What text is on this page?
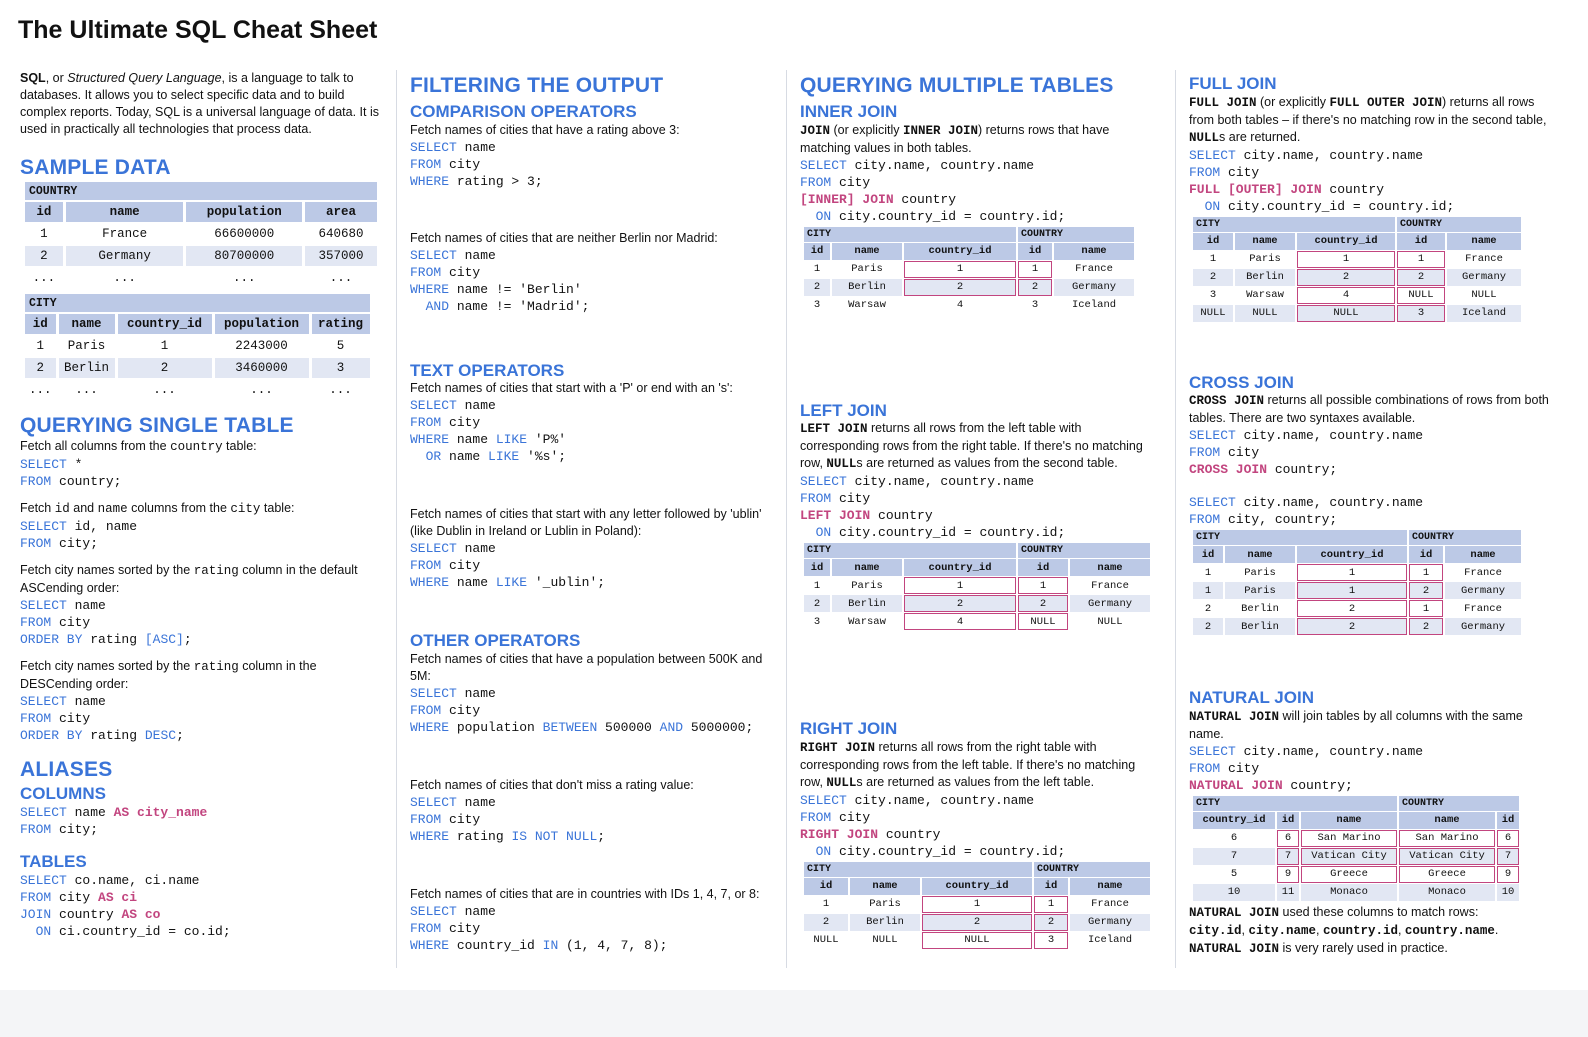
The Ultimate SQL Cheat Sheet
SQL, or Structured Query Language, is a language to talk to databases. It allows you to select specific data and to build complex reports. Today, SQL is a universal language of data. It is used in practically all technologies that process data.
SAMPLE DATA
COUNTRY			
id	name	population	area
1	France	66600000	640680
2	Germany	80700000	357000
...	...	...	...
CITY				
id	name	country_id	population	rating
1	Paris	1	2243000	5
2	Berlin	2	3460000	3
...	...	...	...	...
QUERYING SINGLE TABLE
Fetch all columns from the country table:
SELECT *
FROM country;
Fetch id and name columns from the city table:
SELECT id, name
FROM city;
Fetch city names sorted by the rating column in the default ASCending order:
SELECT name
FROM city
ORDER BY rating [ASC];
Fetch city names sorted by the rating column in the DESCending order:
SELECT name
FROM city
ORDER BY rating DESC;
ALIASES
COLUMNS
SELECT name AS city_name
FROM city;
TABLES
SELECT co.name, ci.name
FROM city AS ci
JOIN country AS co
ON ci.country_id = co.id;
FILTERING THE OUTPUT
COMPARISON OPERATORS
Fetch names of cities that have a rating above 3:
SELECT name
FROM city
WHERE rating > 3;
Fetch names of cities that are neither Berlin nor Madrid:
SELECT name
FROM city
WHERE name != 'Berlin'
AND name != 'Madrid';
TEXT OPERATORS
Fetch names of cities that start with a 'P' or end with an 's':
SELECT name
FROM city
WHERE name LIKE 'P%'
OR name LIKE '%s';
Fetch names of cities that start with any letter followed by 'ublin' (like Dublin in Ireland or Lublin in Poland):
SELECT name
FROM city
WHERE name LIKE '_ublin';
OTHER OPERATORS
Fetch names of cities that have a population between 500K and 5M:
SELECT name
FROM city
WHERE population BETWEEN 500000 AND 5000000;
Fetch names of cities that don't miss a rating value:
SELECT name
FROM city
WHERE rating IS NOT NULL;
Fetch names of cities that are in countries with IDs 1, 4, 7, or 8:
SELECT name
FROM city
WHERE country_id IN (1, 4, 7, 8);
QUERYING MULTIPLE TABLES
INNER JOIN
JOIN (or explicitly INNER JOIN) returns rows that have matching values in both tables.
SELECT city.name, country.name
FROM city
[INNER] JOIN country
ON city.country_id = country.id;
CITY			COUNTRY	
id	name	country_id	id	name
1	Paris	1	1	France
2	Berlin	2	2	Germany
3	Warsaw	4	3	Iceland
LEFT JOIN
LEFT JOIN returns all rows from the left table with corresponding rows from the right table. If there's no matching row, NULLs are returned as values from the second table.
SELECT city.name, country.name
FROM city
LEFT JOIN country
ON city.country_id = country.id;
CITY			COUNTRY	
id	name	country_id	id	name
1	Paris	1	1	France
2	Berlin	2	2	Germany
3	Warsaw	4	NULL	NULL
RIGHT JOIN
RIGHT JOIN returns all rows from the right table with corresponding rows from the left table. If there's no matching row, NULLs are returned as values from the left table.
SELECT city.name, country.name
FROM city
RIGHT JOIN country
ON city.country_id = country.id;
CITY			COUNTRY	
id	name	country_id	id	name
1	Paris	1	1	France
2	Berlin	2	2	Germany
NULL	NULL	NULL	3	Iceland
FULL JOIN
FULL JOIN (or explicitly FULL OUTER JOIN) returns all rows from both tables – if there's no matching row in the second table, NULLs are returned.
SELECT city.name, country.name
FROM city
FULL [OUTER] JOIN country
ON city.country_id = country.id;
CITY			COUNTRY	
id	name	country_id	id	name
1	Paris	1	1	France
2	Berlin	2	2	Germany
3	Warsaw	4	NULL	NULL
NULL	NULL	NULL	3	Iceland
CROSS JOIN
CROSS JOIN returns all possible combinations of rows from both tables. There are two syntaxes available.
SELECT city.name, country.name
FROM city
CROSS JOIN country;
SELECT city.name, country.name
FROM city, country;
CITY			COUNTRY	
id	name	country_id	id	name
1	Paris	1	1	France
1	Paris	1	2	Germany
2	Berlin	2	1	France
2	Berlin	2	2	Germany
NATURAL JOIN
NATURAL JOIN will join tables by all columns with the same name.
SELECT city.name, country.name
FROM city
NATURAL JOIN country;
CITY			COUNTRY	
country_id	id	name	name	id
6	6	San Marino	San Marino	6
7	7	Vatican City	Vatican City	7
5	9	Greece	Greece	9
10	11	Monaco	Monaco	10
NATURAL JOIN used these columns to match rows:
city.id, city.name, country.id, country.name.
NATURAL JOIN is very rarely used in practice.
